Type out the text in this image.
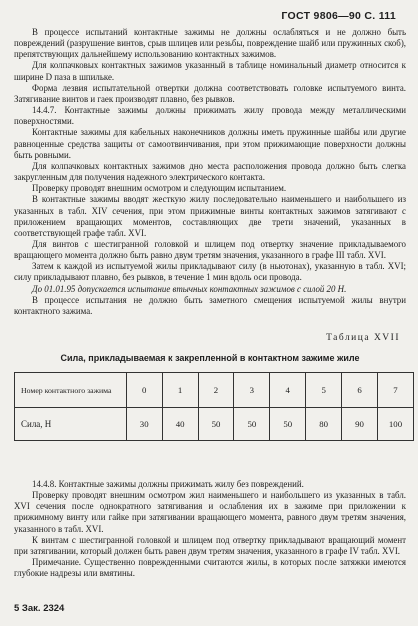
ГОСТ 9806—90 С. 111

В процессе испытаний контактные зажимы не должны ослабляться и не должно быть повреждений (разрушение винтов, срыв шлицев или резьбы, повреждение шайб или пружинных скоб), препятствующих дальнейшему использованию контактных зажимов.

Для колпачковых контактных зажимов указанный в таблице номинальный диаметр относится к ширине D паза в шпильке.

Форма лезвия испытательной отвертки должна соответствовать головке испытуемого винта. Затягивание винтов и гаек производят плавно, без рывков.

14.4.7. Контактные зажимы должны прижимать жилу провода между металлическими поверхностями.

Контактные зажимы для кабельных наконечников должны иметь пружинные шайбы или другие равноценные средства защиты от самоотвинчивания, при этом прижимающие поверхности должны быть ровными.

Для колпачковых контактных зажимов дно места расположения провода должно быть слегка закругленным для получения надежного электрического контакта.

Проверку проводят внешним осмотром и следующим испытанием.

В контактные зажимы вводят жесткую жилу последовательно наименьшего и наибольшего из указанных в табл. XIV сечения, при этом прижимные винты контактных зажимов затягивают с приложением вращающих моментов, составляющих две трети значений, указанных в соответствующей графе табл. XVI.

Для винтов с шестигранной головкой и шлицем под отвертку значение прикладываемого вращающего момента должно быть равно двум третям значения, указанного в графе III табл. XVI.

Затем к каждой из испытуемой жилы прикладывают силу (в ньютонах), указанную в табл. XVI; силу прикладывают плавно, без рывков, в течение 1 мин вдоль оси провода.

До 01.01.95 допускается испытание втычных контактных зажимов с силой 20 Н.

В процессе испытания не должно быть заметного смещения испытуемой жилы внутри контактного зажима.

Таблица XVII
Сила, прикладываемая к закрепленной в контактном зажиме жиле
Номер контактного зажима	0	1	2	3	4	5	6	7
Сила, Н	30	40	50	50	50	80	90	100

14.4.8. Контактные зажимы должны прижимать жилу без повреждений.

Проверку проводят внешним осмотром жил наименьшего и наибольшего из указанных в табл. XVI сечения после однократного затягивания и ослабления их в зажиме при приложении к прижимному винту или гайке при затягивании вращающего момента, равного двум третям значения, указанного в табл. XVI.

К винтам с шестигранной головкой и шлицем под отвертку прикладывают вращающий момент при затягивании, который должен быть равен двум третям значения, указанного в графе IV табл. XVI.

Примечание. Существенно поврежденными считаются жилы, в которых после затяжки имеются глубокие надрезы или вмятины.

5 Зак. 2324
